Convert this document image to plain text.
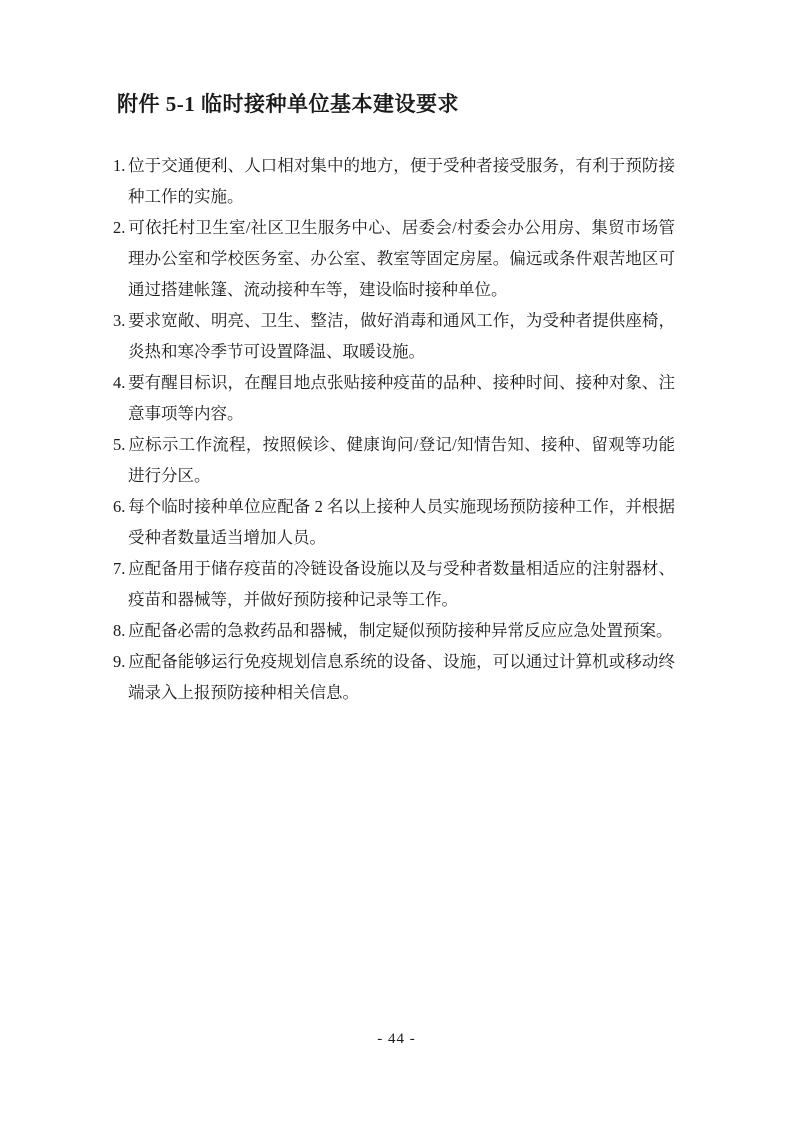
附件 5-1 临时接种单位基本建设要求
1. 位于交通便利、人口相对集中的地方，便于受种者接受服务，有利于预防接种工作的实施。
2. 可依托村卫生室/社区卫生服务中心、居委会/村委会办公用房、集贸市场管理办公室和学校医务室、办公室、教室等固定房屋。偏远或条件艰苦地区可通过搭建帐篷、流动接种车等，建设临时接种单位。
3. 要求宽敞、明亮、卫生、整洁，做好消毒和通风工作，为受种者提供座椅，炎热和寒冷季节可设置降温、取暖设施。
4. 要有醒目标识，在醒目地点张贴接种疫苗的品种、接种时间、接种对象、注意事项等内容。
5. 应标示工作流程，按照候诊、健康询问/登记/知情告知、接种、留观等功能进行分区。
6. 每个临时接种单位应配备 2 名以上接种人员实施现场预防接种工作，并根据受种者数量适当增加人员。
7. 应配备用于储存疫苗的冷链设备设施以及与受种者数量相适应的注射器材、疫苗和器械等，并做好预防接种记录等工作。
8. 应配备必需的急救药品和器械，制定疑似预防接种异常反应应急处置预案。
9. 应配备能够运行免疫规划信息系统的设备、设施，可以通过计算机或移动终端录入上报预防接种相关信息。
- 44 -
